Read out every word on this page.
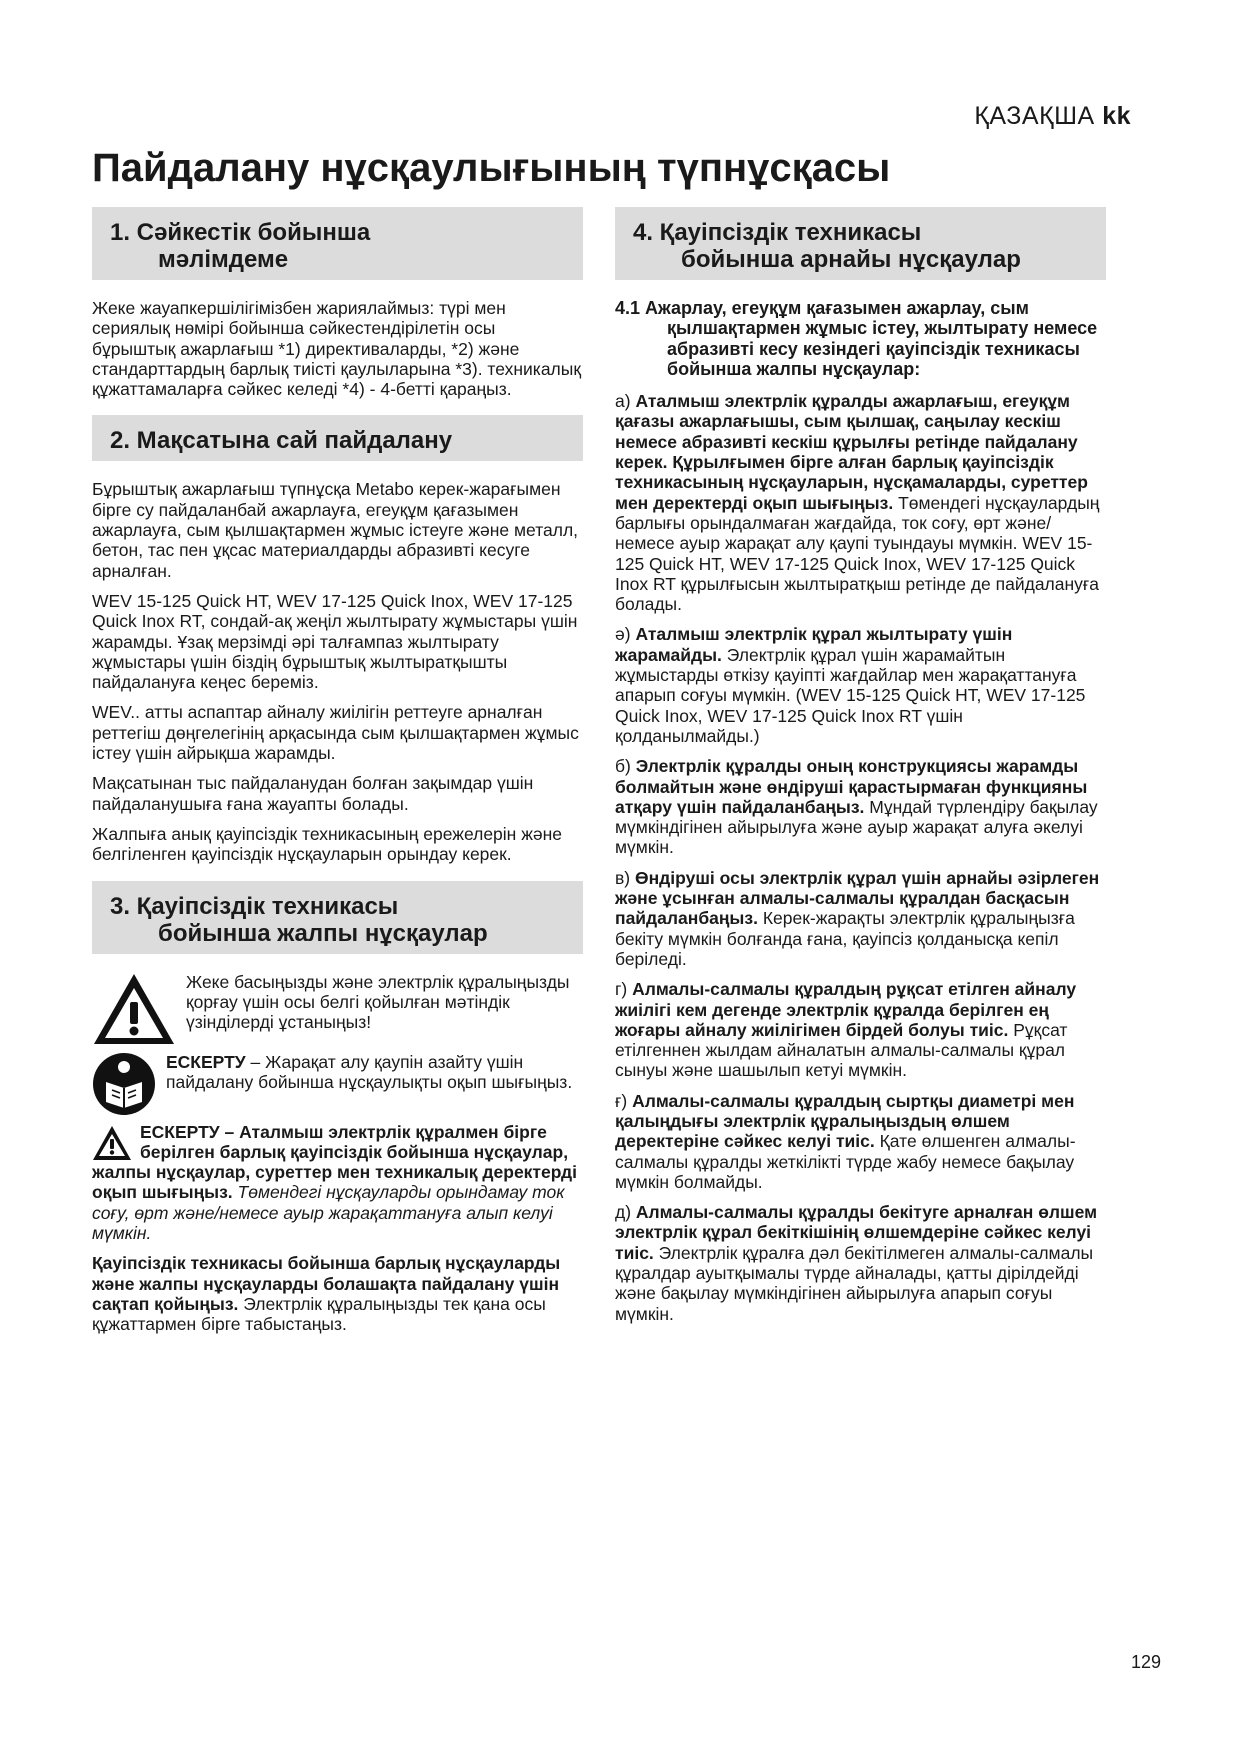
ҚАЗАҚША kk
Пайдалану нұсқаулығының түпнұсқасы
1. Сәйкестік бойынша
мәлімдеме

Жеке жауапкершілігімізбен жариялаймыз: түрі мен сериялық нөмірі бойынша сәйкестендірілетін осы бұрыштық ажарлағыш *1) директиваларды, *2) және стандарттардың барлық тиісті қаулыларына *3). техникалық құжаттамаларға сәйкес келеді *4) - 4-бетті қараңыз.

2. Мақсатына сай пайдалану

Бұрыштық ажарлағыш түпнұсқа Metabo керек-жарағымен бірге су пайдаланбай ажарлауға, егеуқұм қағазымен ажарлауға, сым қылшақтармен жұмыс істеуге және металл, бетон, тас пен ұқсас материалдарды абразивті кесуге арналған.

WEV 15-125 Quick HT, WEV 17-125 Quick Inox, WEV 17-125 Quick Inox RT, сондай-ақ жеңіл жылтырату жұмыстары үшін жарамды. Ұзақ мерзімді әрі талғампаз жылтырату жұмыстары үшін біздің бұрыштық жылтыратқышты пайдалануға кеңес береміз.

WEV.. атты аспаптар айналу жиілігін реттеуге арналған реттегіш дөңгелегінің арқасында сым қылшақтармен жұмыс істеу үшін айрықша жарамды.

Мақсатынан тыс пайдаланудан болған зақымдар үшін пайдаланушыға ғана жауапты болады.

Жалпыға анық қауіпсіздік техникасының ережелерін және белгіленген қауіпсіздік нұсқауларын орындау керек.

3. Қауіпсіздік техникасы
бойынша жалпы нұсқаулар
Жеке басыңызды және электрлік құралыңызды қорғау үшін осы белгі қойылған мәтіндік үзінділерді ұстаныңыз!
ЕСКЕРТУ – Жарақат алу қаупін азайту үшін пайдалану бойынша нұсқаулықты оқып шығыңыз.

ЕСКЕРТУ – Аталмыш электрлік құралмен бірге берілген барлық қауіпсіздік бойынша нұсқаулар, жалпы нұсқаулар, суреттер мен техникалық деректерді оқып шығыңыз. Төмендегі нұсқауларды орындамау ток соғу, өрт және/немесе ауыр жарақаттануға алып келуі мүмкін.

Қауіпсіздік техникасы бойынша барлық нұсқауларды және жалпы нұсқауларды болашақта пайдалану үшін сақтап қойыңыз. Электрлік құралыңызды тек қана осы құжаттармен бірге табыстаңыз.

4. Қауіпсіздік техникасы
бойынша арнайы нұсқаулар
4.1 Ажарлау, егеуқұм қағазымен ажарлау, сым қылшақтармен жұмыс істеу, жылтырату немесе абразивті кесу кезіндегі қауіпсіздік техникасы бойынша жалпы нұсқаулар:

а) Аталмыш электрлік құралды ажарлағыш, егеуқұм қағазы ажарлағышы, сым қылшақ, саңылау кескіш немесе абразивті кескіш құрылғы ретінде пайдалану керек. Құрылғымен бірге алған барлық қауіпсіздік техникасының нұсқауларын, нұсқамаларды, суреттер мен деректерді оқып шығыңыз. Төмендегі нұсқаулардың барлығы орындалмаған жағдайда, ток соғу, өрт және/немесе ауыр жарақат алу қаупі туындауы мүмкін. WEV 15-125 Quick HT, WEV 17-125 Quick Inox, WEV 17-125 Quick Inox RT құрылғысын жылтыратқыш ретінде де пайдалануға болады.

ә) Аталмыш электрлік құрал жылтырату үшін жарамайды. Электрлік құрал үшін жарамайтын жұмыстарды өткізу қауіпті жағдайлар мен жарақаттануға апарып соғуы мүмкін. (WEV 15-125 Quick HT, WEV 17-125 Quick Inox, WEV 17-125 Quick Inox RT үшін қолданылмайды.)

б) Электрлік құралды оның конструкциясы жарамды болмайтын және өндіруші қарастырмаған функцияны атқару үшін пайдаланбаңыз. Мұндай түрлендіру бақылау мүмкіндігінен айырылуға және ауыр жарақат алуға әкелуі мүмкін.

в) Өндіруші осы электрлік құрал үшін арнайы әзірлеген және ұсынған алмалы-салмалы құралдан басқасын пайдаланбаңыз. Керек-жарақты электрлік құралыңызға бекіту мүмкін болғанда ғана, қауіпсіз қолданысқа кепіл беріледі.

г) Алмалы-салмалы құралдың рұқсат етілген айналу жиілігі кем дегенде электрлік құралда берілген ең жоғары айналу жиілігімен бірдей болуы тиіс. Рұқсат етілгеннен жылдам айналатын алмалы-салмалы құрал сынуы және шашылып кетуі мүмкін.

ғ) Алмалы-салмалы құралдың сыртқы диаметрі мен қалыңдығы электрлік құралыңыздың өлшем деректеріне сәйкес келуі тиіс. Қате өлшенген алмалы-салмалы құралды жеткілікті түрде жабу немесе бақылау мүмкін болмайды.

д) Алмалы-салмалы құралды бекітуге арналған өлшем электрлік құрал бекіткішінің өлшемдеріне сәйкес келуі тиіс. Электрлік құралға дәл бекітілмеген алмалы-салмалы құралдар ауытқымалы түрде айналады, қатты дірілдейді және бақылау мүмкіндігінен айырылуға апарып соғуы мүмкін.

129
